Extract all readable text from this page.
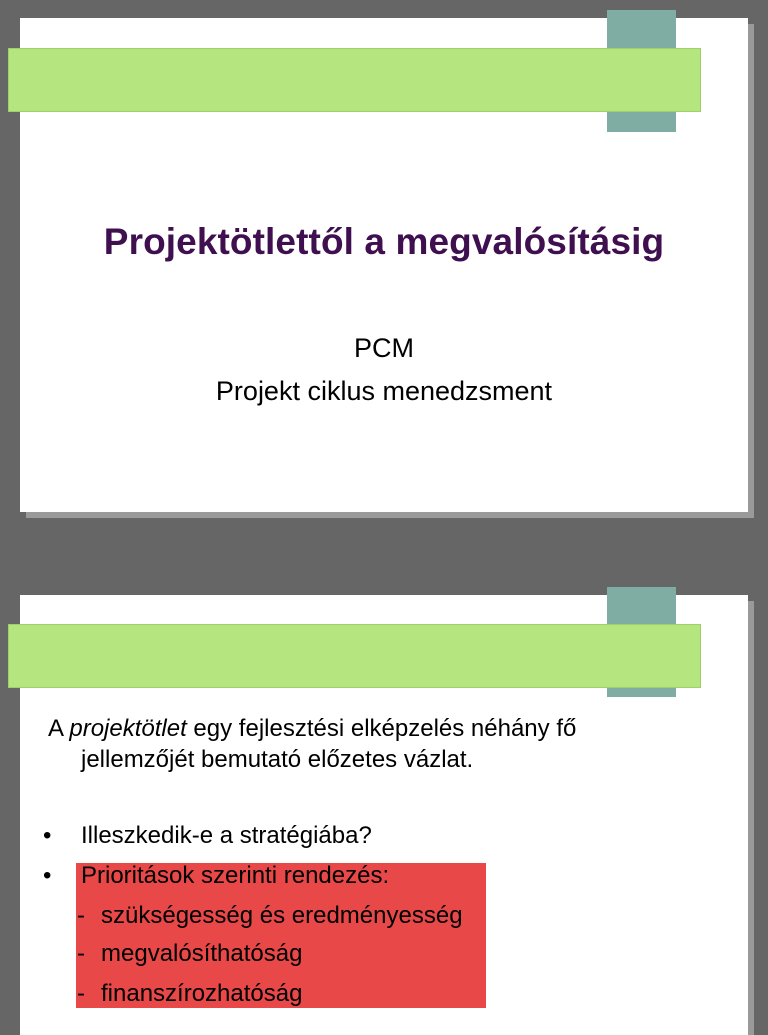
Projektötlettől a megvalósításig

PCM

Projekt ciklus menedzsment

A projektötlet egy fejlesztési elképzelés néhány fő

jellemzőjét bemutató előzetes vázlat.

• Illeszkedik-e a stratégiába?
• Prioritások szerinti rendezés:
- szükségesség és eredményesség
- megvalósíthatóság
- finanszírozhatóság
